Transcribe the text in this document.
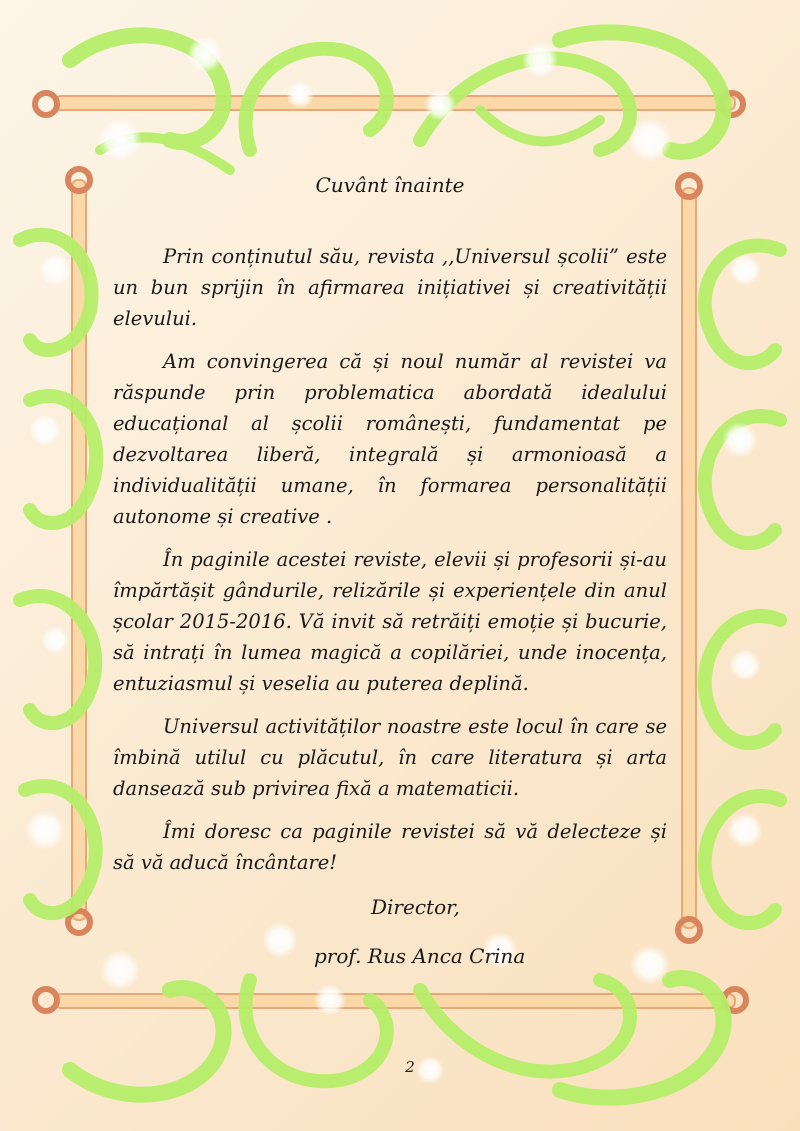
Cuvânt înainte

Prin conținutul său, revista ,,Universul școlii” este un bun sprijin în afirmarea inițiativei și creativității elevului.

Am convingerea că și noul număr al revistei va răspunde prin problematica abordată idealului educațional al școlii românești, fundamentat pe dezvoltarea liberă, integrală și armonioasă a individualității umane, în formarea personalității autonome și creative .

În paginile acestei reviste, elevii și profesorii și-au împărtășit gândurile, relizările și experiențele din anul școlar 2015-2016. Vă invit să retrăiți emoție și bucurie, să intrați în lumea magică a copilăriei, unde inocența, entuziasmul și veselia au puterea deplină.

Universul activităților noastre este locul în care se îmbină utilul cu plăcutul, în care literatura și arta dansează sub privirea fixă a matematicii.

Îmi doresc ca paginile revistei să vă delecteze și să vă aducă încântare!

Director,
prof. Rus Anca Crina
2
